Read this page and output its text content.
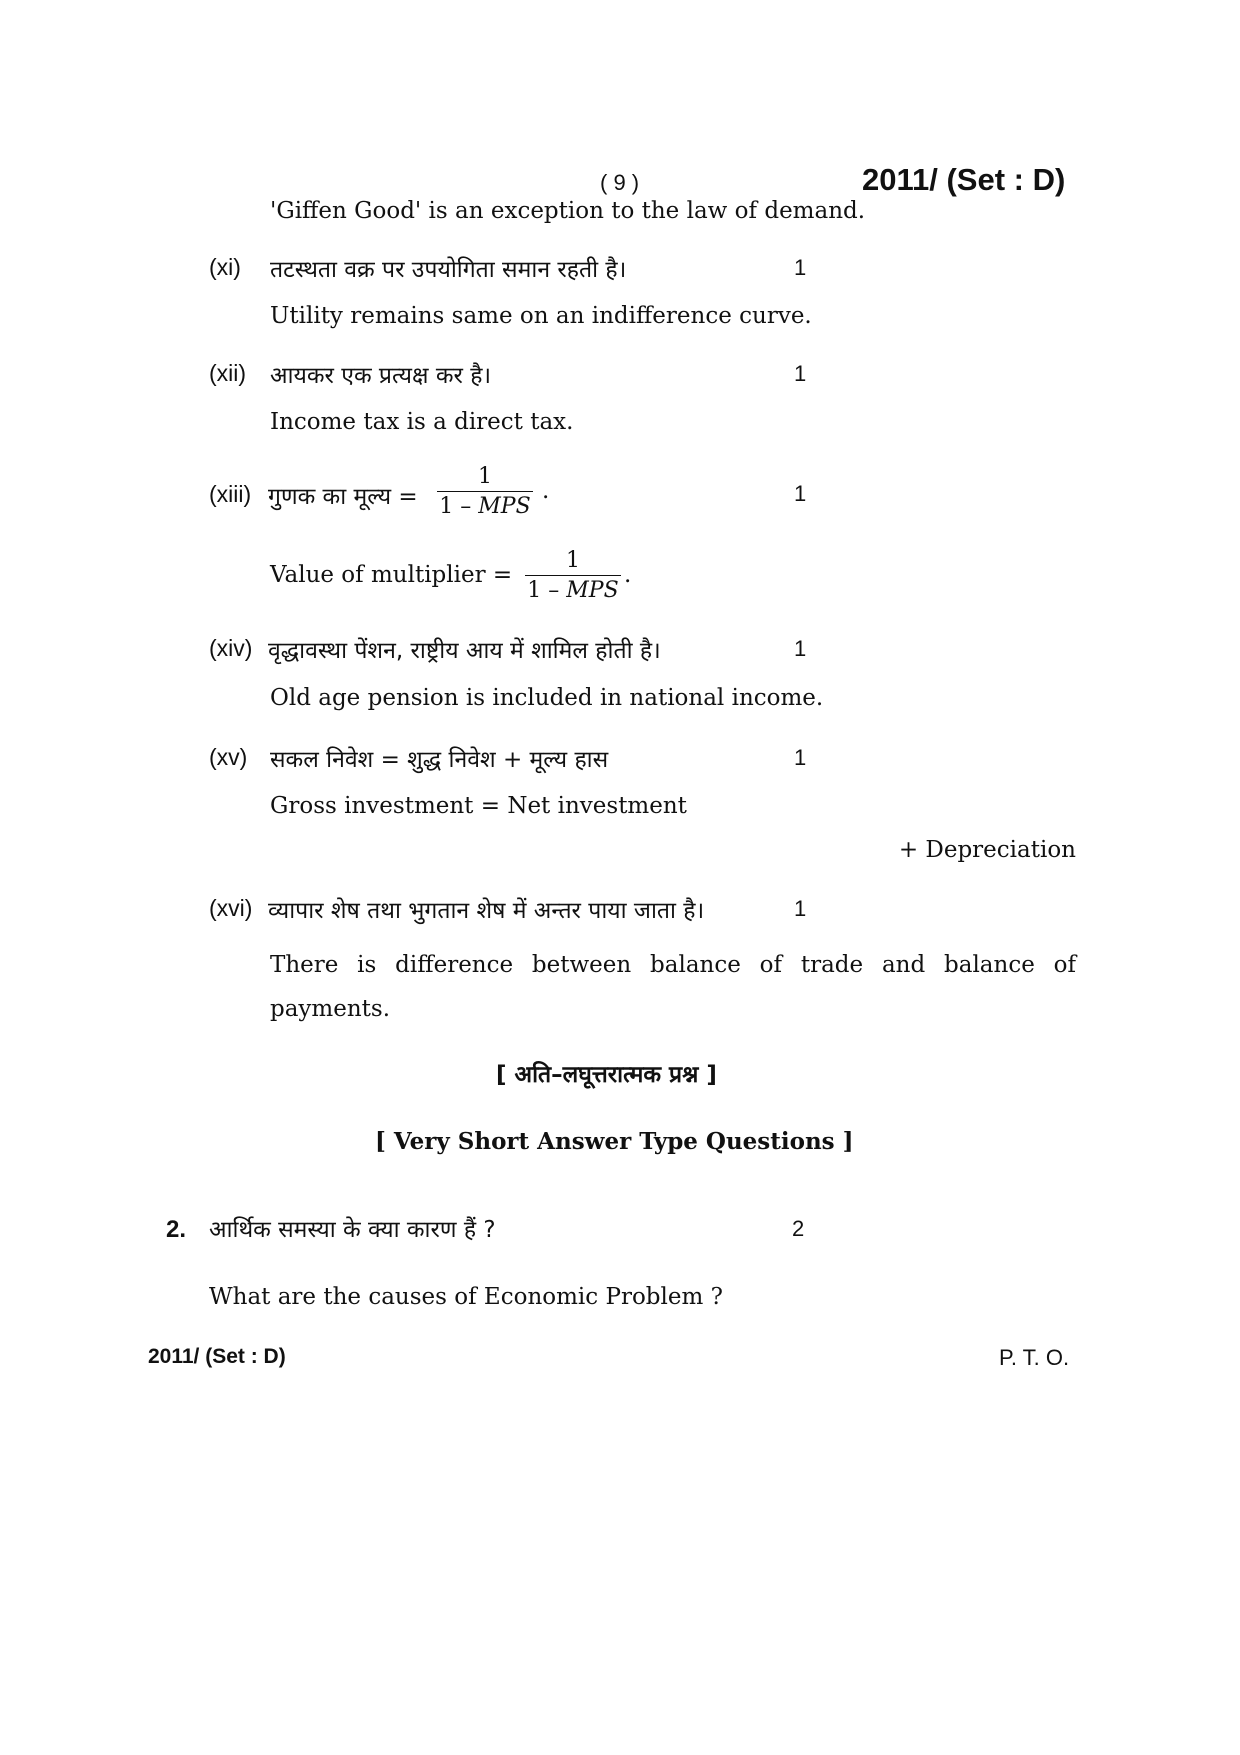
( 9 )	2011/ (Set : D)
'Giffen Good' is an exception to the law of demand.
(xi) तटस्थता वक्र पर उपयोगिता समान रहती है।	1
Utility remains same on an indifference curve.
(xii) आयकर एक प्रत्यक्ष कर है।	1
Income tax is a direct tax.
(xiii) गुणक का मूल्य =
1
1 – MPS
.	1
Value of multiplier =
1
1 – MPS
.
(xiv) वृद्धावस्था पेंशन, राष्ट्रीय आय में शामिल होती है।	1
Old age pension is included in national income.
(xv) सकल निवेश = शुद्ध निवेश + मूल्य हास	1
Gross investment = Net investment
+ Depreciation
(xvi) व्यापार शेष तथा भुगतान शेष में अन्तर पाया जाता है।	1
There is difference between balance of trade and balance of payments.
[ अति–लघूत्तरात्मक प्रश्न ]
[ Very Short Answer Type Questions ]
2. आर्थिक समस्या के क्या कारण हैं ?	2
What are the causes of Economic Problem ?
2011/ (Set : D)	P. T. O.
